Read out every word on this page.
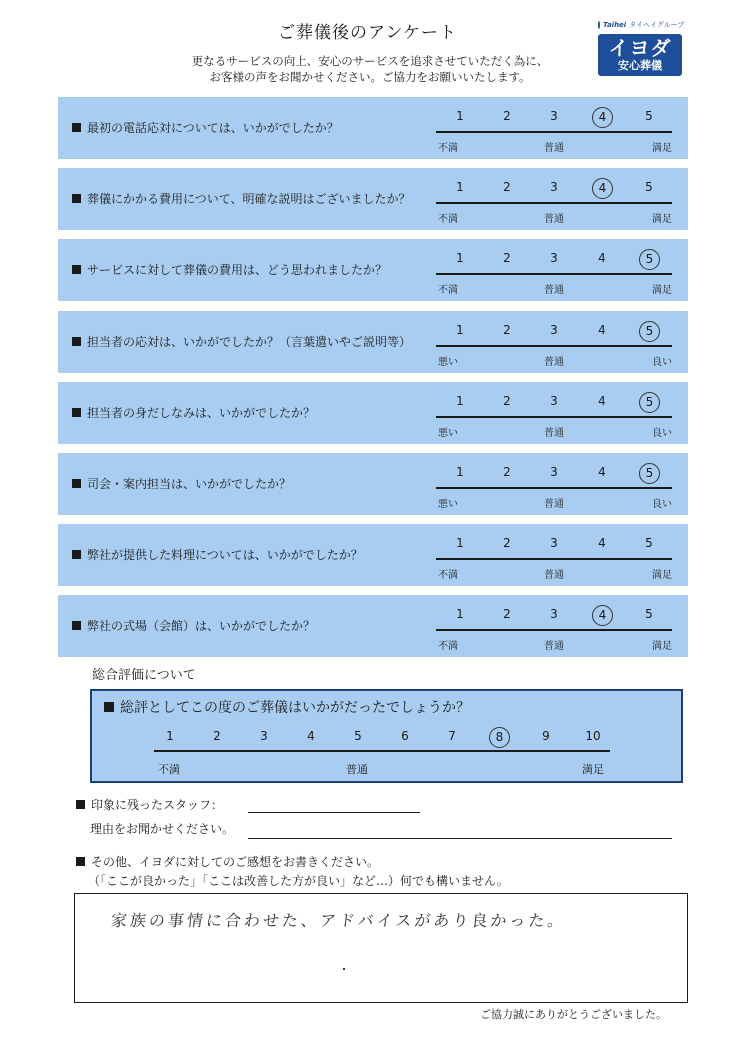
ご葬儀後のアンケート
更なるサービスの向上、安心のサービスを追求させていただく為に、
お客様の声をお聞かせください。ご協力をお願いいたします。
Taihei タイヘイグループ
イヨダ
安心葬儀
最初の電話応対については、いかがでしたか？
1	2	3	4	5
不満	普通	満足
葬儀にかかる費用について、明確な説明はございましたか？
1	2	3	4	5
不満	普通	満足
サービスに対して葬儀の費用は、どう思われましたか？
1	2	3	4	5
不満	普通	満足
担当者の応対は、いかがでしたか？（言葉遣いやご説明等）
1	2	3	4	5
悪い	普通	良い
担当者の身だしなみは、いかがでしたか？
1	2	3	4	5
悪い	普通	良い
司会・案内担当は、いかがでしたか？
1	2	3	4	5
悪い	普通	良い
弊社が提供した料理については、いかがでしたか？
1	2	3	4	5
不満	普通	満足
弊社の式場（会館）は、いかがでしたか？
1	2	3	4	5
不満	普通	満足
総合評価について
総評としてこの度のご葬儀はいかがだったでしょうか？
1	2	3	4	5	6	7	8	9	10
不満	普通	満足
印象に残ったスタッフ：
理由をお聞かせください。
その他、イヨダに対してのご感想をお書きください。
（「ここが良かった」「ここは改善した方が良い」など…）何でも構いません。
家族の事情に合わせた、アドバイスがあり良かった。
ご協力誠にありがとうございました。
